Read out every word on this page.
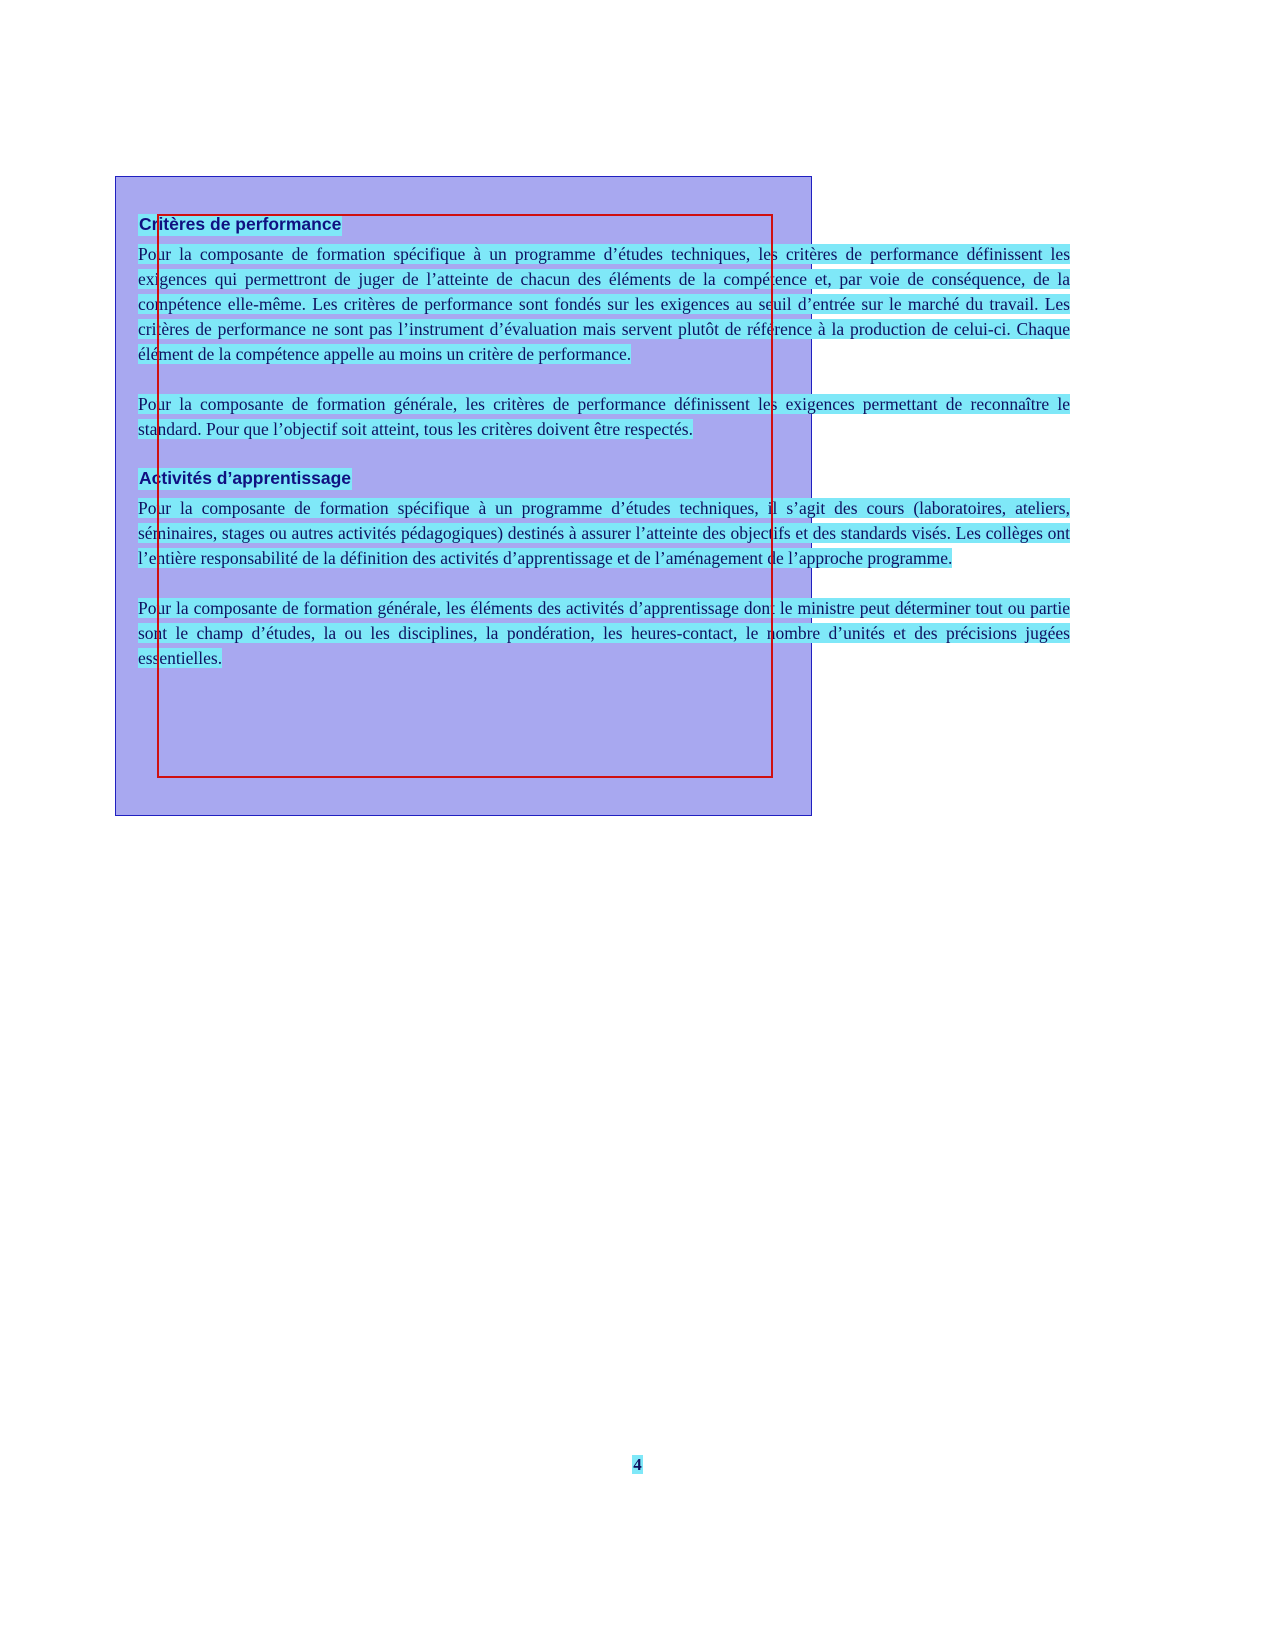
Critères de performance

Pour la composante de formation spécifique à un programme d’études techniques, les critères de performance définissent les exigences qui permettront de juger de l’atteinte de chacun des éléments de la compétence et, par voie de conséquence, de la compétence elle-même. Les critères de performance sont fondés sur les exigences au seuil d’entrée sur le marché du travail. Les critères de performance ne sont pas l’instrument d’évaluation mais servent plutôt de référence à la production de celui-ci. Chaque élément de la compétence appelle au moins un critère de performance.

Pour la composante de formation générale, les critères de performance définissent les exigences permettant de reconnaître le standard. Pour que l’objectif soit atteint, tous les critères doivent être respectés.

Activités d’apprentissage

Pour la composante de formation spécifique à un programme d’études techniques, il s’agit des cours (laboratoires, ateliers, séminaires, stages ou autres activités pédagogiques) destinés à assurer l’atteinte des objectifs et des standards visés. Les collèges ont l’entière responsabilité de la définition des activités d’apprentissage et de l’aménagement de l’approche programme.

Pour la composante de formation générale, les éléments des activités d’apprentissage dont le ministre peut déterminer tout ou partie sont le champ d’études, la ou les disciplines, la pondération, les heures-contact, le nombre d’unités et des précisions jugées essentielles.

4
